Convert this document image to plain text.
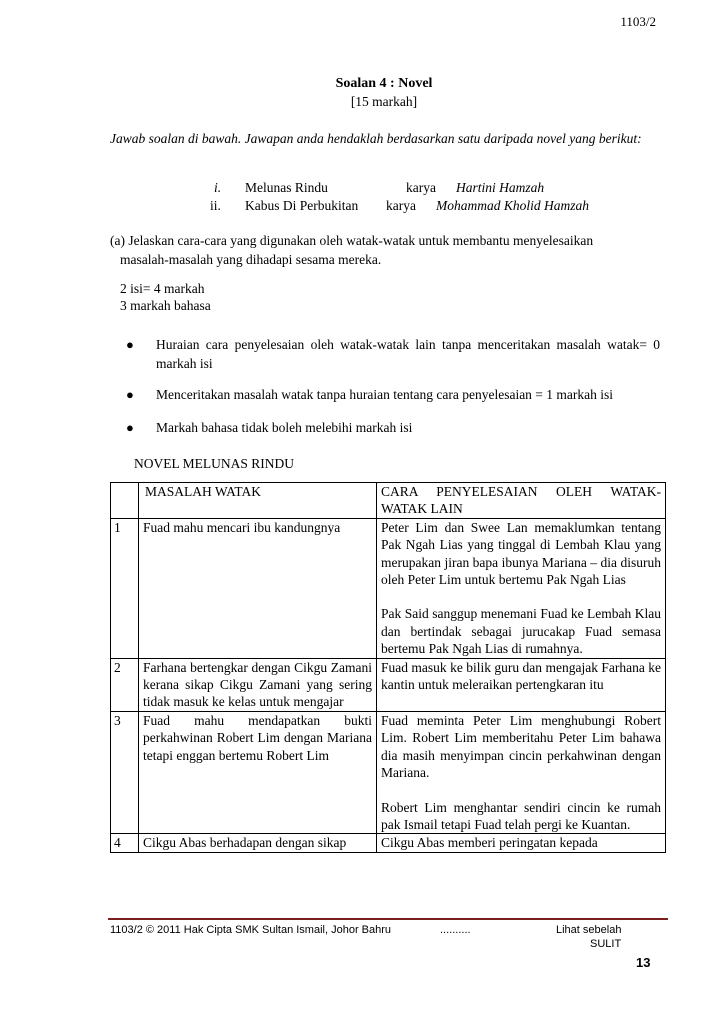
1103/2
Soalan 4 : Novel
[15 markah]
Jawab soalan di bawah. Jawapan anda hendaklah berdasarkan satu daripada novel yang berikut:
i. Melunas Rindu	karya Hartini Hamzah
ii. Kabus Di Perbukitan karya Mohammad Kholid Hamzah
(a) Jelaskan cara-cara yang digunakan oleh watak-watak untuk membantu menyelesaikan
masalah-masalah yang dihadapi sesama mereka.
2 isi= 4 markah
3 markah bahasa
● Huraian cara penyelesaian oleh watak-watak lain tanpa menceritakan masalah watak= 0 markah isi
● Menceritakan masalah watak tanpa huraian tentang cara penyelesaian = 1 markah isi
● Markah bahasa tidak boleh melebihi markah isi
NOVEL MELUNAS RINDU
	MASALAH WATAK	CARA PENYELESAIAN OLEH WATAK-WATAK LAIN
1	Fuad mahu mencari ibu kandungnya	Peter Lim dan Swee Lan memaklumkan tentang Pak Ngah Lias yang tinggal di Lembah Klau yang merupakan jiran bapa ibunya Mariana – dia disuruh oleh Peter Lim untuk bertemu Pak Ngah Lias
Pak Said sanggup menemani Fuad ke Lembah Klau dan bertindak sebagai jurucakap Fuad semasa bertemu Pak Ngah Lias di rumahnya.

2	Farhana bertengkar dengan Cikgu Zamani kerana sikap Cikgu Zamani yang sering tidak masuk ke kelas untuk mengajar	Fuad masuk ke bilik guru dan mengajak Farhana ke kantin untuk meleraikan pertengkaran itu

3	Fuad mahu mendapatkan bukti perkahwinan Robert Lim dengan Mariana tetapi enggan bertemu Robert Lim	Fuad meminta Peter Lim menghubungi Robert Lim. Robert Lim memberitahu Peter Lim bahawa dia masih menyimpan cincin perkahwinan dengan Mariana.
Robert Lim menghantar sendiri cincin ke rumah pak Ismail tetapi Fuad telah pergi ke Kuantan.

4	Cikgu Abas berhadapan dengan sikap	Cikgu Abas memberi peringatan kepada
1103/2 © 2011 Hak Cipta SMK Sultan Ismail, Johor Bahru	..........	Lihat sebelah
SULIT
13
